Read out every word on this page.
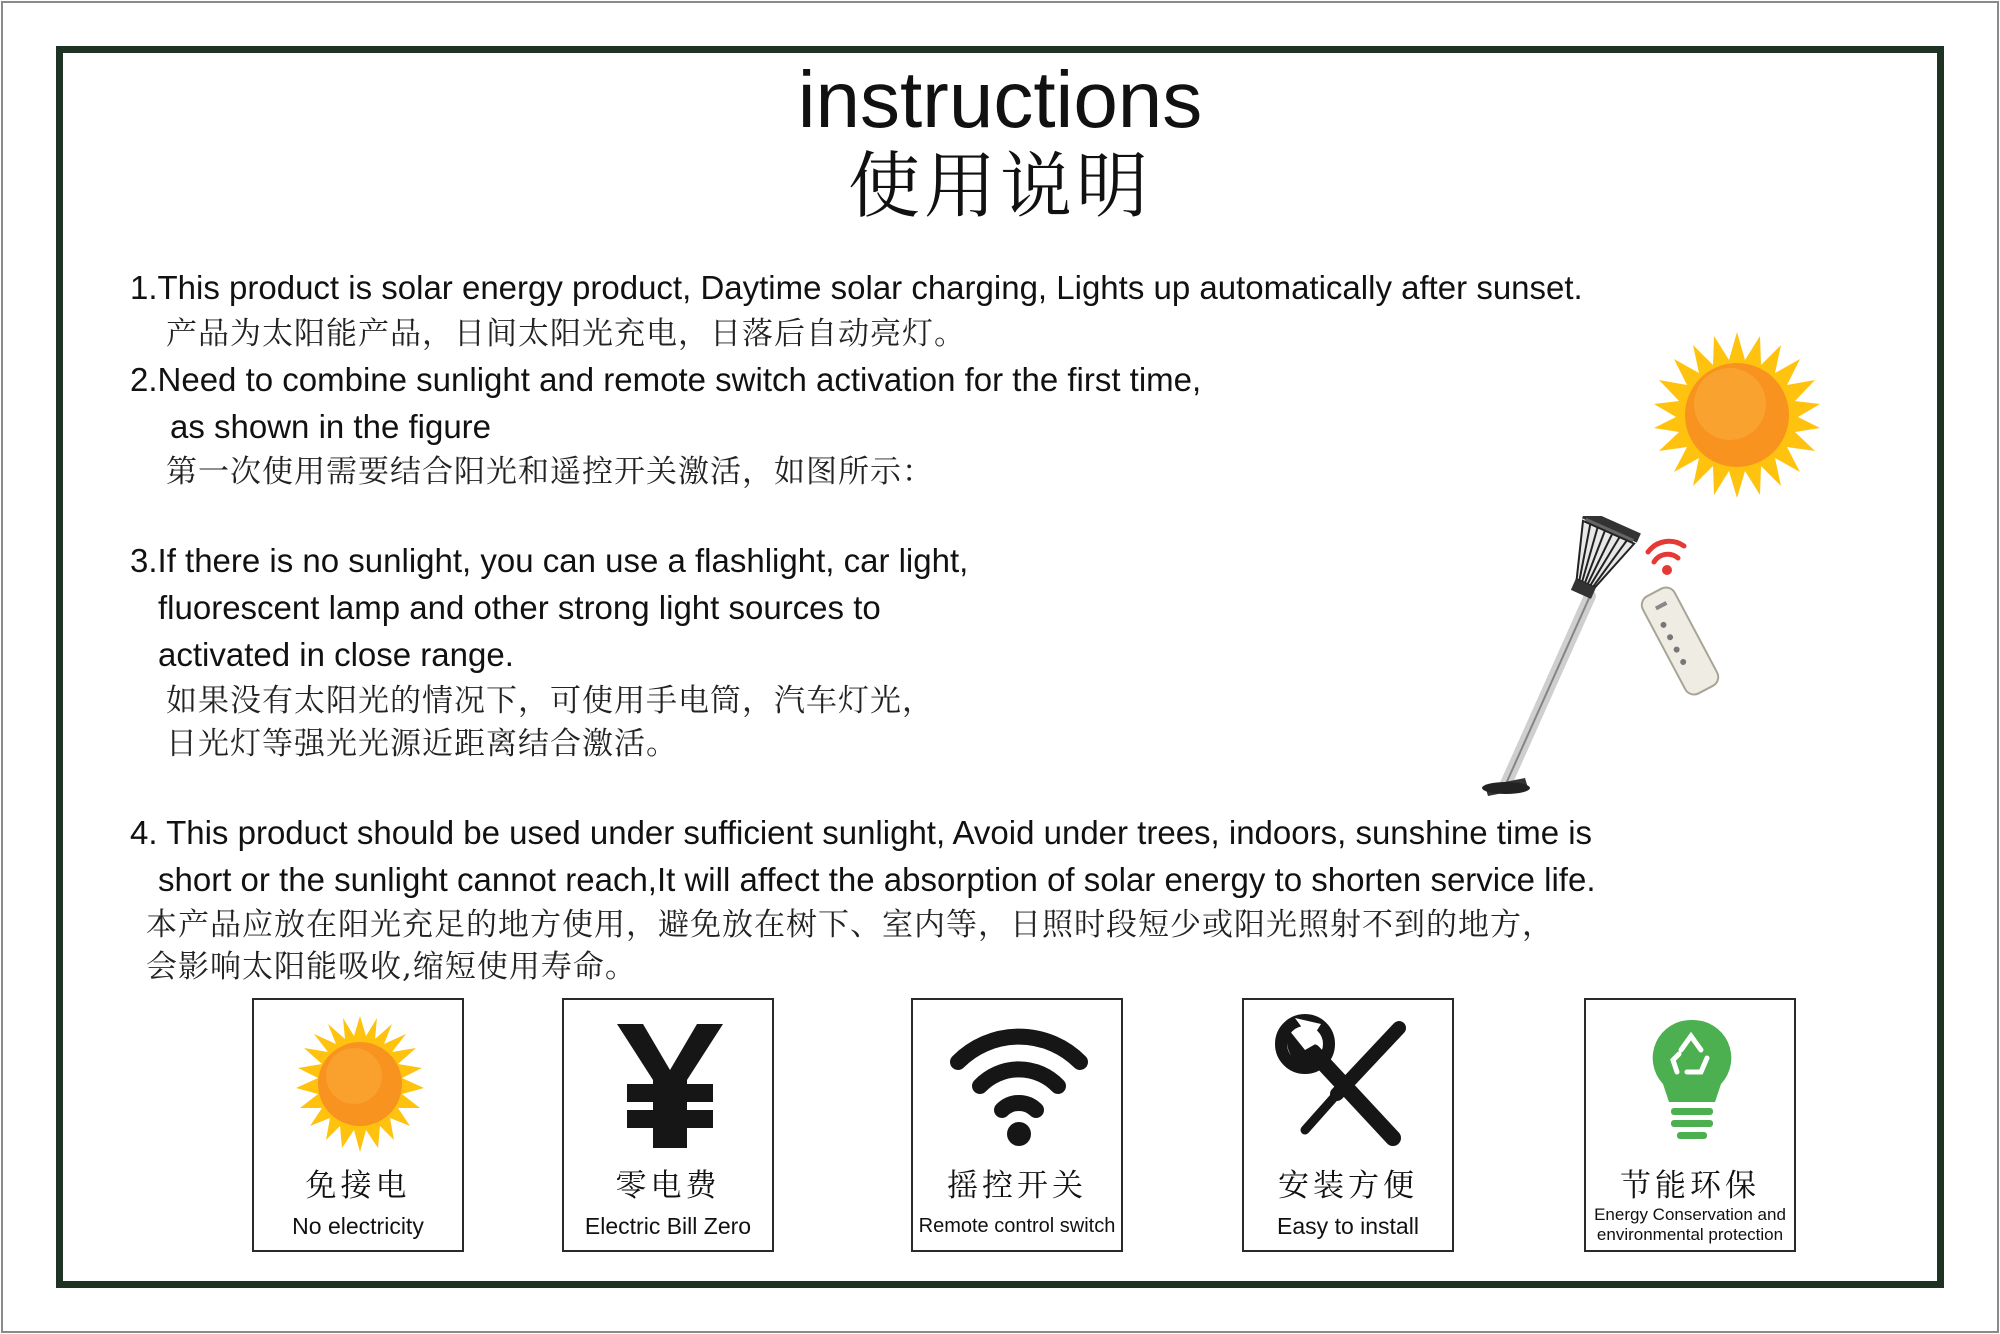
instructions
使用说明
1.This product is solar energy product, Daytime solar charging, Lights up automatically after sunset.
产品为太阳能产品，日间太阳光充电，日落后自动亮灯。
2.Need to combine sunlight and remote switch activation for the first time,
as shown in the figure
第一次使用需要结合阳光和遥控开关激活，如图所示：
3.If there is no sunlight, you can use a flashlight, car light,
fluorescent lamp and other strong light sources to
activated in close range.
如果没有太阳光的情况下，可使用手电筒，汽车灯光，
日光灯等强光光源近距离结合激活。
4. This product should be used under sufficient sunlight, Avoid under trees, indoors, sunshine time is
short or the sunlight cannot reach,It will affect the absorption of solar energy to shorten service life.
本产品应放在阳光充足的地方使用，避免放在树下、室内等，日照时段短少或阳光照射不到的地方，
会影响太阳能吸收,缩短使用寿命。
免接电
No electricity
零电费
Electric Bill Zero
摇控开关
Remote control switch
安装方便
Easy to install
节能环保
Energy Conservation and environmental protection
